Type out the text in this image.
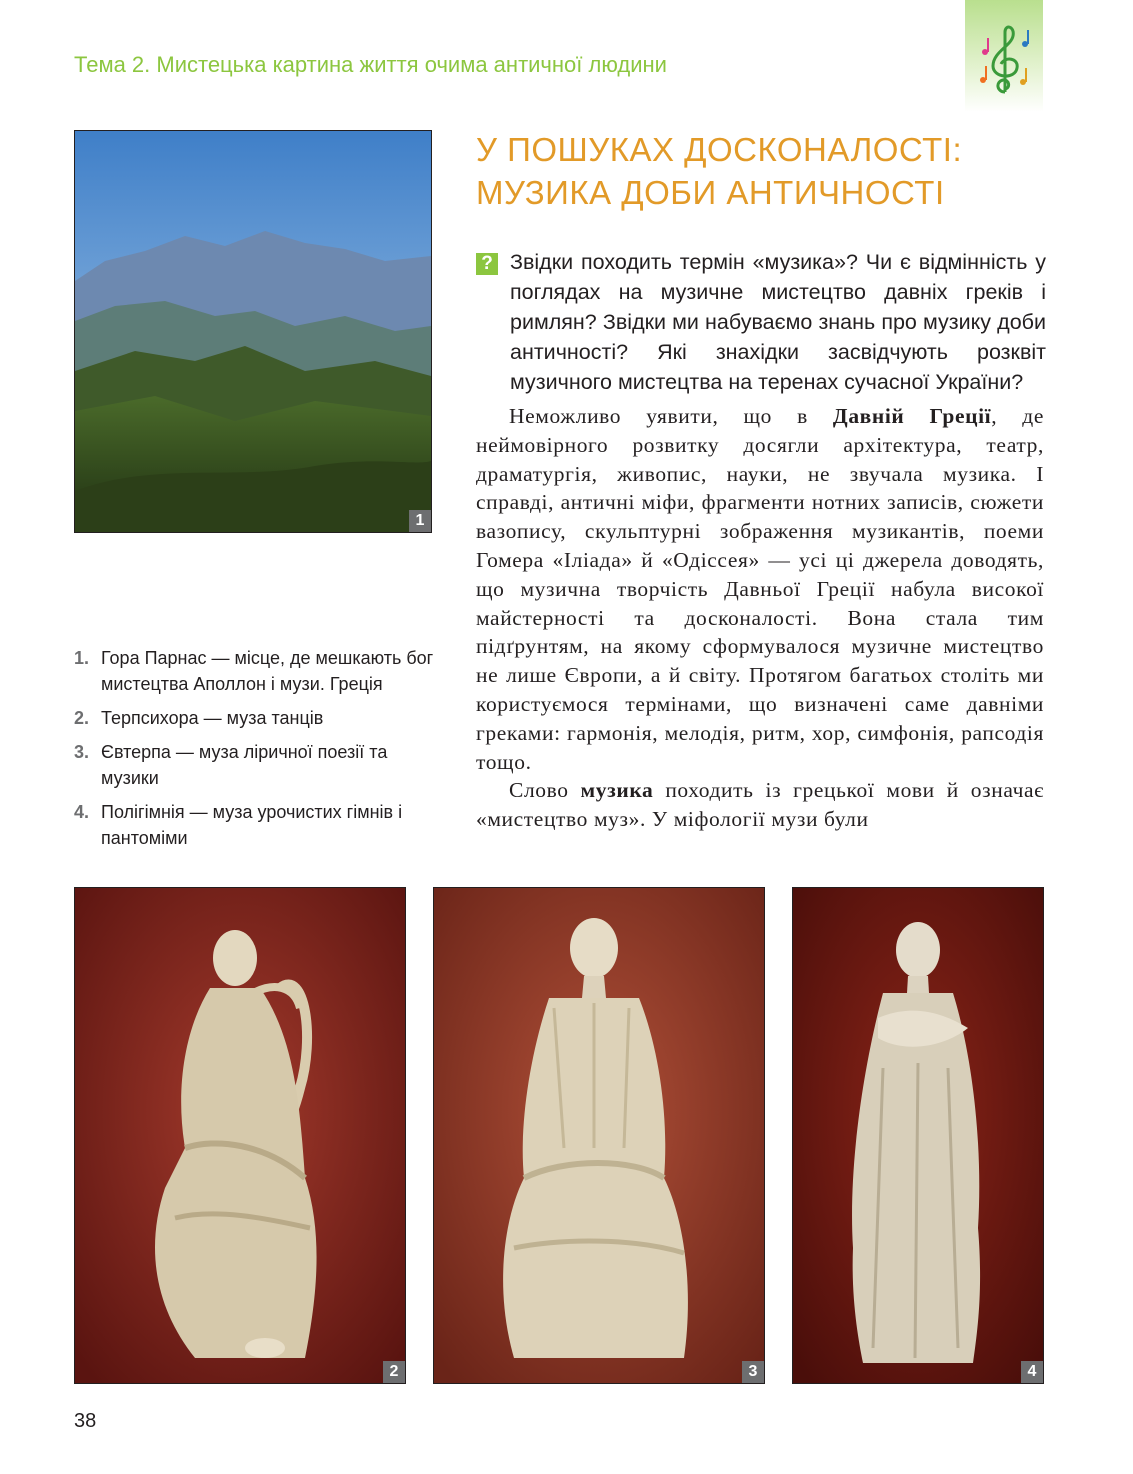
Тема 2. Мистецька картина життя очима античної людини
1
У ПОШУКАХ ДОСКОНАЛОСТІ:
МУЗИКА ДОБИ АНТИЧНОСТІ
? Звідки походить термін «музика»? Чи є відмінність у поглядах на музичне мистецтво давніх греків і римлян? Звідки ми набуваємо знань про музику доби античності? Які знахідки засвідчують розквіт музичного мистецтва на теренах сучасної України?

Неможливо уявити, що в Давній Греції, де неймовірного розвитку досягли архітектура, театр, драматургія, живопис, науки, не звучала музика. І справді, античні міфи, фрагменти нотних записів, сюжети вазопису, скульптурні зображення музикантів, поеми Гомера «Іліада» й «Одіссея» — усі ці джерела доводять, що музична творчість Давньої Греції набула високої майстерності та досконалості. Вона стала тим підґрунтям, на якому сформувалося музичне мистецтво не лише Європи, а й світу. Протягом багатьох століть ми користуємося термінами, що визначені саме давніми греками: гармонія, мелодія, ритм, хор, симфонія, рапсодія тощо.

Слово музика походить із грецької мови й означає «мистецтво муз». У міфології музи були

1. Гора Парнас — місце, де мешкають бог мистецтва Аполлон і музи. Греція
2. Терпсихора — муза танців
3. Євтерпа — муза ліричної поезії та музики
4. Полігімнія — муза урочистих гімнів і пантоміми
2	3	4
38
